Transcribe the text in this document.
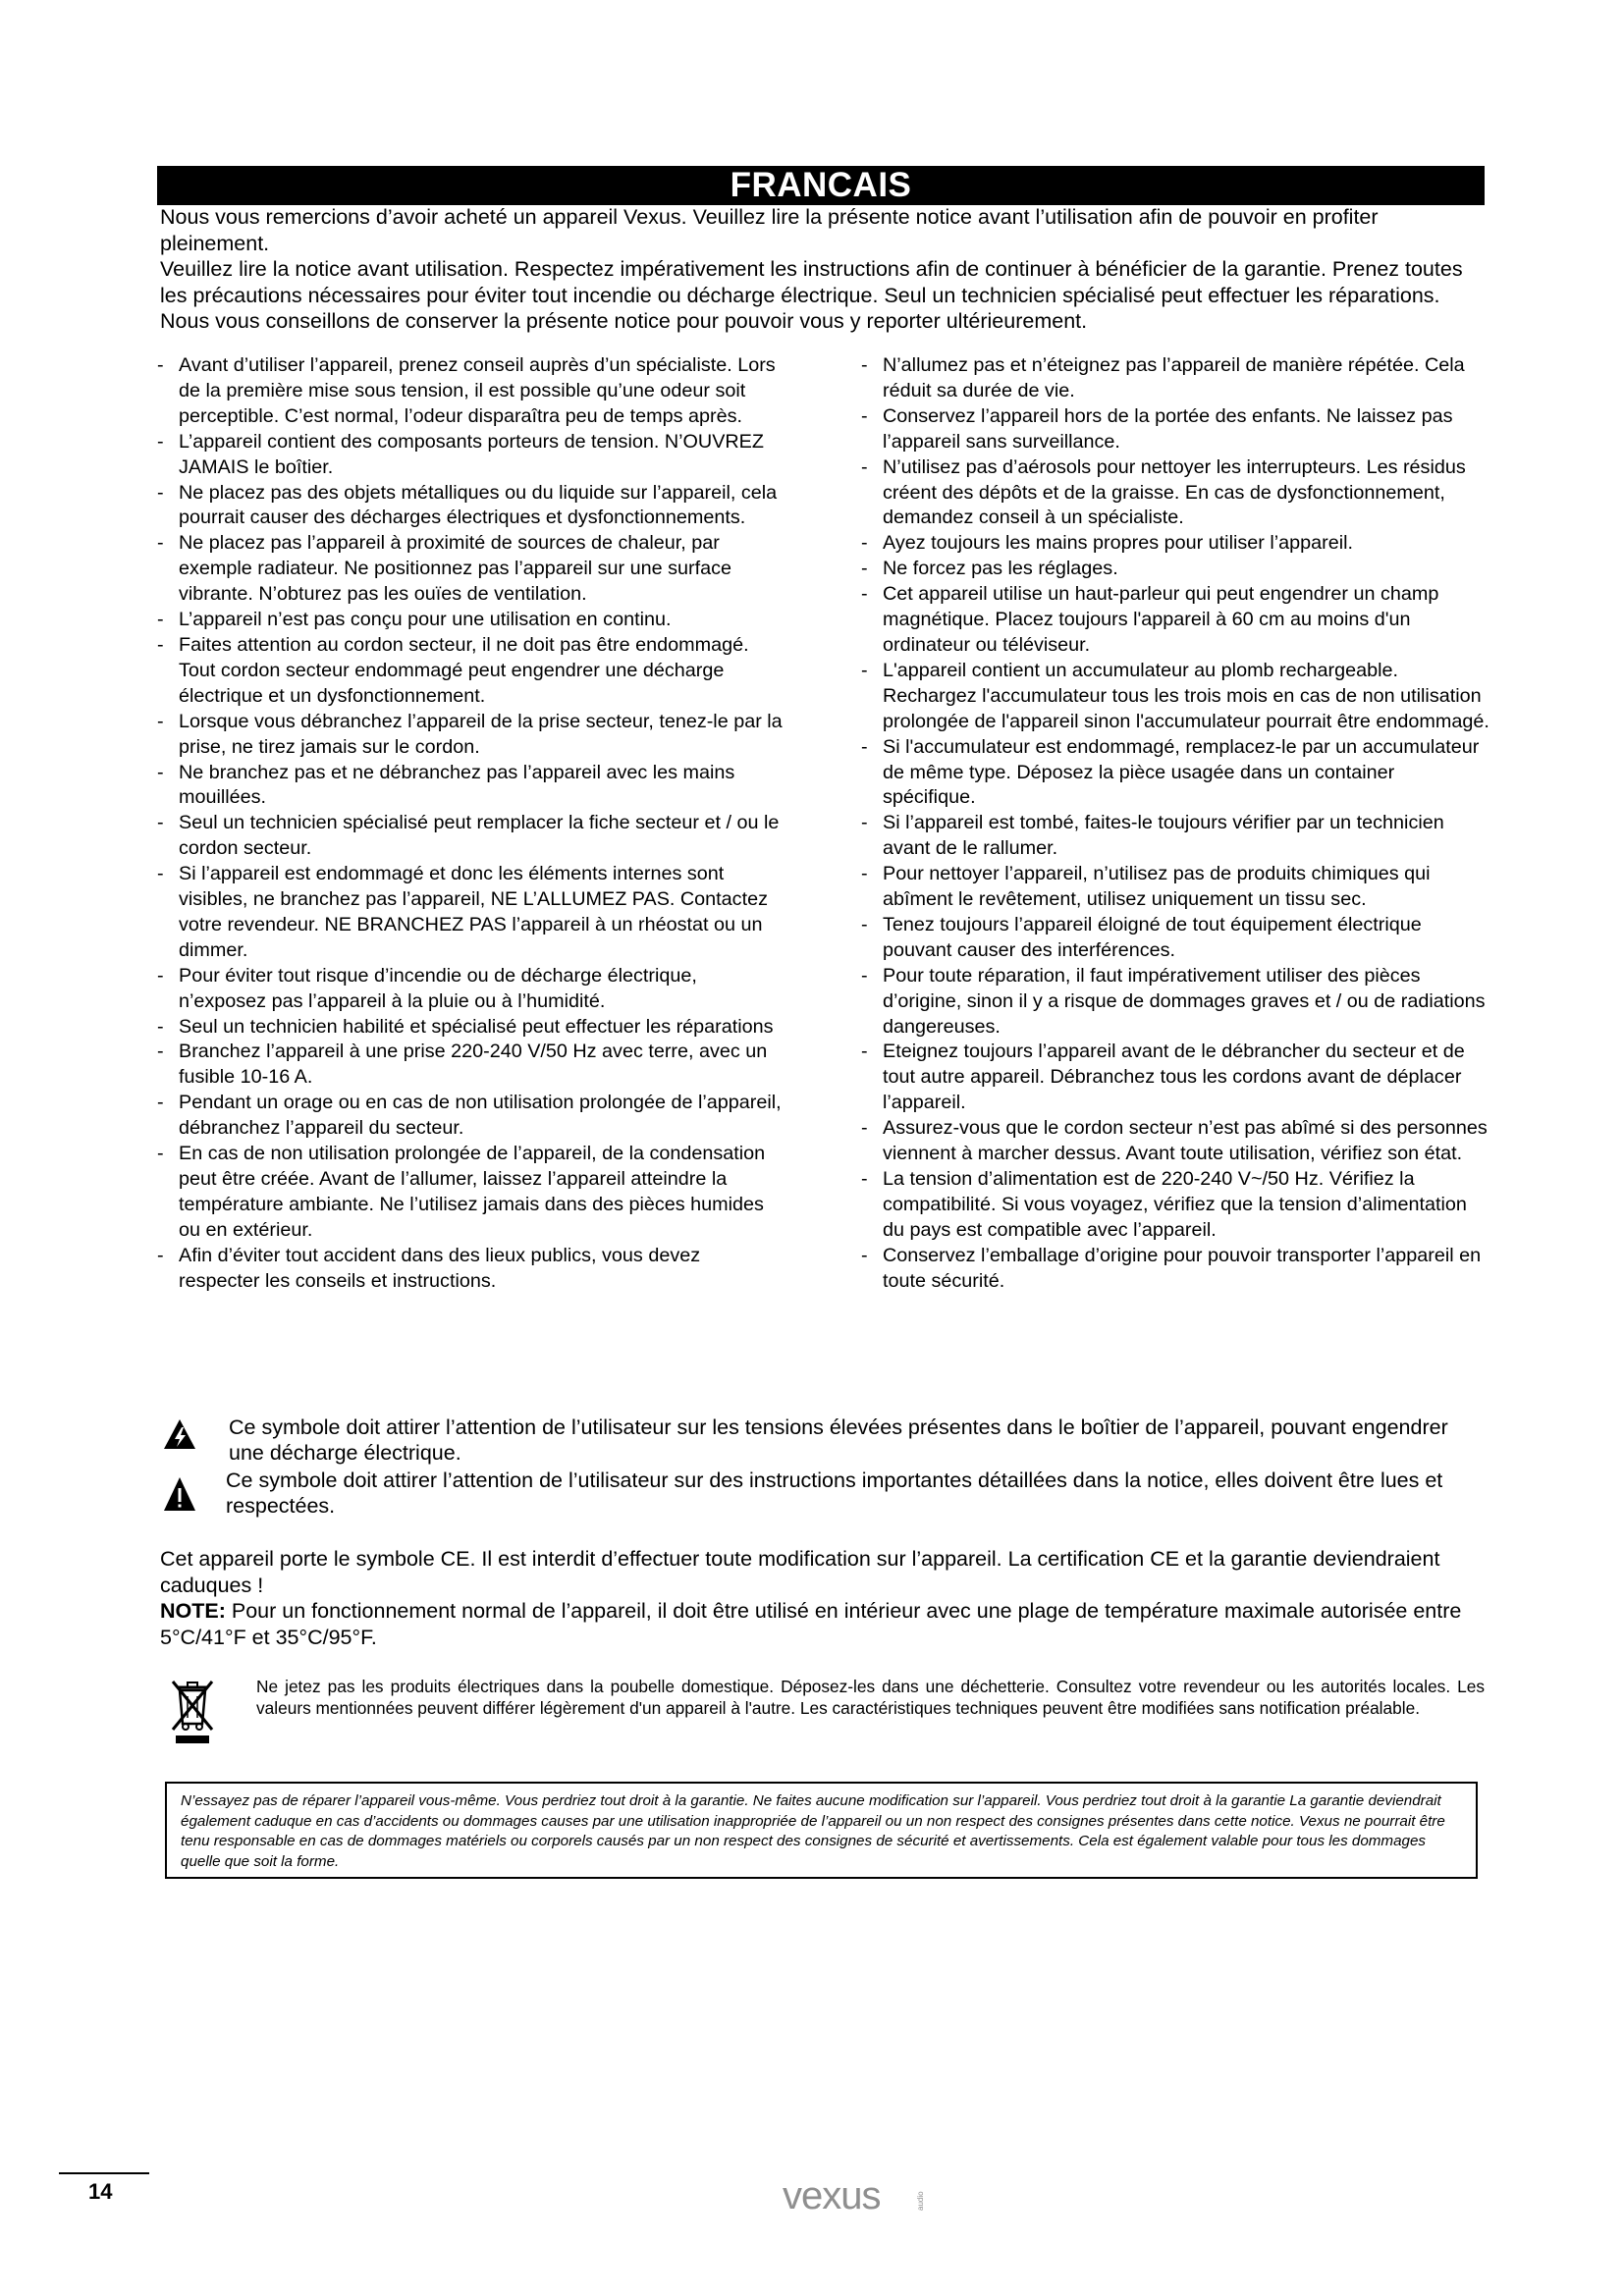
FRANCAIS

Nous vous remercions d’avoir acheté un appareil Vexus. Veuillez lire la présente notice avant l’utilisation afin de pouvoir en profiter pleinement.

Veuillez lire la notice avant utilisation. Respectez impérativement les instructions afin de continuer à bénéficier de la garantie. Prenez toutes les précautions nécessaires pour éviter tout incendie ou décharge électrique. Seul un technicien spécialisé peut effectuer les réparations. Nous vous conseillons de conserver la présente notice pour pouvoir vous y reporter ultérieurement.

- Avant d’utiliser l’appareil, prenez conseil auprès d’un spécialiste. Lors de la première mise sous tension, il est possible qu’une odeur soit perceptible. C’est normal, l’odeur disparaîtra peu de temps après.
- L’appareil contient des composants porteurs de tension. N’OUVREZ JAMAIS le boîtier.
- Ne placez pas des objets métalliques ou du liquide sur l’appareil, cela pourrait causer des décharges électriques et dysfonctionnements.
- Ne placez pas l’appareil à proximité de sources de chaleur, par exemple radiateur. Ne positionnez pas l’appareil sur une surface vibrante. N’obturez pas les ouïes de ventilation.
- L’appareil n’est pas conçu pour une utilisation en continu.
- Faites attention au cordon secteur, il ne doit pas être endommagé. Tout cordon secteur endommagé peut engendrer une décharge électrique et un dysfonctionnement.
- Lorsque vous débranchez l’appareil de la prise secteur, tenez-le par la prise, ne tirez jamais sur le cordon.
- Ne branchez pas et ne débranchez pas l’appareil avec les mains mouillées.
- Seul un technicien spécialisé peut remplacer la fiche secteur et / ou le cordon secteur.
- Si l’appareil est endommagé et donc les éléments internes sont visibles, ne branchez pas l’appareil, NE L’ALLUMEZ PAS. Contactez votre revendeur. NE BRANCHEZ PAS l’appareil à un rhéostat ou un dimmer.
- Pour éviter tout risque d’incendie ou de décharge électrique, n’exposez pas l’appareil à la pluie ou à l’humidité.
- Seul un technicien habilité et spécialisé peut effectuer les réparations
- Branchez l’appareil à une prise 220-240 V/50 Hz avec terre, avec un fusible 10-16 A.
- Pendant un orage ou en cas de non utilisation prolongée de l’appareil, débranchez l’appareil du secteur.
- En cas de non utilisation prolongée de l’appareil, de la condensation peut être créée. Avant de l’allumer, laissez l’appareil atteindre la température ambiante. Ne l’utilisez jamais dans des pièces humides ou en extérieur.
- Afin d’éviter tout accident dans des lieux publics, vous devez respecter les conseils et instructions.
- N’allumez pas et n’éteignez pas l’appareil de manière répétée. Cela réduit sa durée de vie.
- Conservez l’appareil hors de la portée des enfants. Ne laissez pas l’appareil sans surveillance.
- N’utilisez pas d’aérosols pour nettoyer les interrupteurs. Les résidus créent des dépôts et de la graisse. En cas de dysfonctionnement, demandez conseil à un spécialiste.
- Ayez toujours les mains propres pour utiliser l’appareil.
- Ne forcez pas les réglages.
- Cet appareil utilise un haut-parleur qui peut engendrer un champ magnétique. Placez toujours l'appareil à 60 cm au moins d'un ordinateur ou téléviseur.
- L'appareil contient un accumulateur au plomb rechargeable. Rechargez l'accumulateur tous les trois mois en cas de non utilisation prolongée de l'appareil sinon l'accumulateur pourrait être endommagé.
- Si l'accumulateur est endommagé, remplacez-le par un accumulateur de même type. Déposez la pièce usagée dans un container spécifique.
- Si l’appareil est tombé, faites-le toujours vérifier par un technicien avant de le rallumer.
- Pour nettoyer l’appareil, n’utilisez pas de produits chimiques qui abîment le revêtement, utilisez uniquement un tissu sec.
- Tenez toujours l’appareil éloigné de tout équipement électrique pouvant causer des interférences.
- Pour toute réparation, il faut impérativement utiliser des pièces d’origine, sinon il y a risque de dommages graves et / ou de radiations dangereuses.
- Eteignez toujours l’appareil avant de le débrancher du secteur et de tout autre appareil. Débranchez tous les cordons avant de déplacer l’appareil.
- Assurez-vous que le cordon secteur n’est pas abîmé si des personnes viennent à marcher dessus. Avant toute utilisation, vérifiez son état.
- La tension d’alimentation est de 220-240 V~/50 Hz. Vérifiez la compatibilité. Si vous voyagez, vérifiez que la tension d’alimentation du pays est compatible avec l’appareil.
- Conservez l’emballage d’origine pour pouvoir transporter l’appareil en toute sécurité.
Ce symbole doit attirer l’attention de l’utilisateur sur les tensions élevées présentes dans le boîtier de l’appareil, pouvant engendrer une décharge électrique.
Ce symbole doit attirer l’attention de l’utilisateur sur des instructions importantes détaillées dans la notice, elles doivent être lues et respectées.

Cet appareil porte le symbole CE. Il est interdit d’effectuer toute modification sur l’appareil. La certification CE et la garantie deviendraient caduques !

NOTE: Pour un fonctionnement normal de l’appareil, il doit être utilisé en intérieur avec une plage de température maximale autorisée entre 5°C/41°F et 35°C/95°F.

Ne jetez pas les produits électriques dans la poubelle domestique. Déposez-les dans une déchetterie. Consultez votre revendeur ou les autorités locales. Les valeurs mentionnées peuvent différer légèrement d'un appareil à l'autre. Les caractéristiques techniques peuvent être modifiées sans notification préalable.
N’essayez pas de réparer l’appareil vous-même. Vous perdriez tout droit à la garantie. Ne faites aucune modification sur l’appareil. Vous perdriez tout droit à la garantie La garantie deviendrait également caduque en cas d’accidents ou dommages causes par une utilisation inappropriée de l’appareil ou un non respect des consignes présentes dans cette notice. Vexus ne pourrait être tenu responsable en cas de dommages matériels ou corporels causés par un non respect des consignes de sécurité et avertissements. Cela est également valable pour tous les dommages quelle que soit la forme.
14	vexus	audio
